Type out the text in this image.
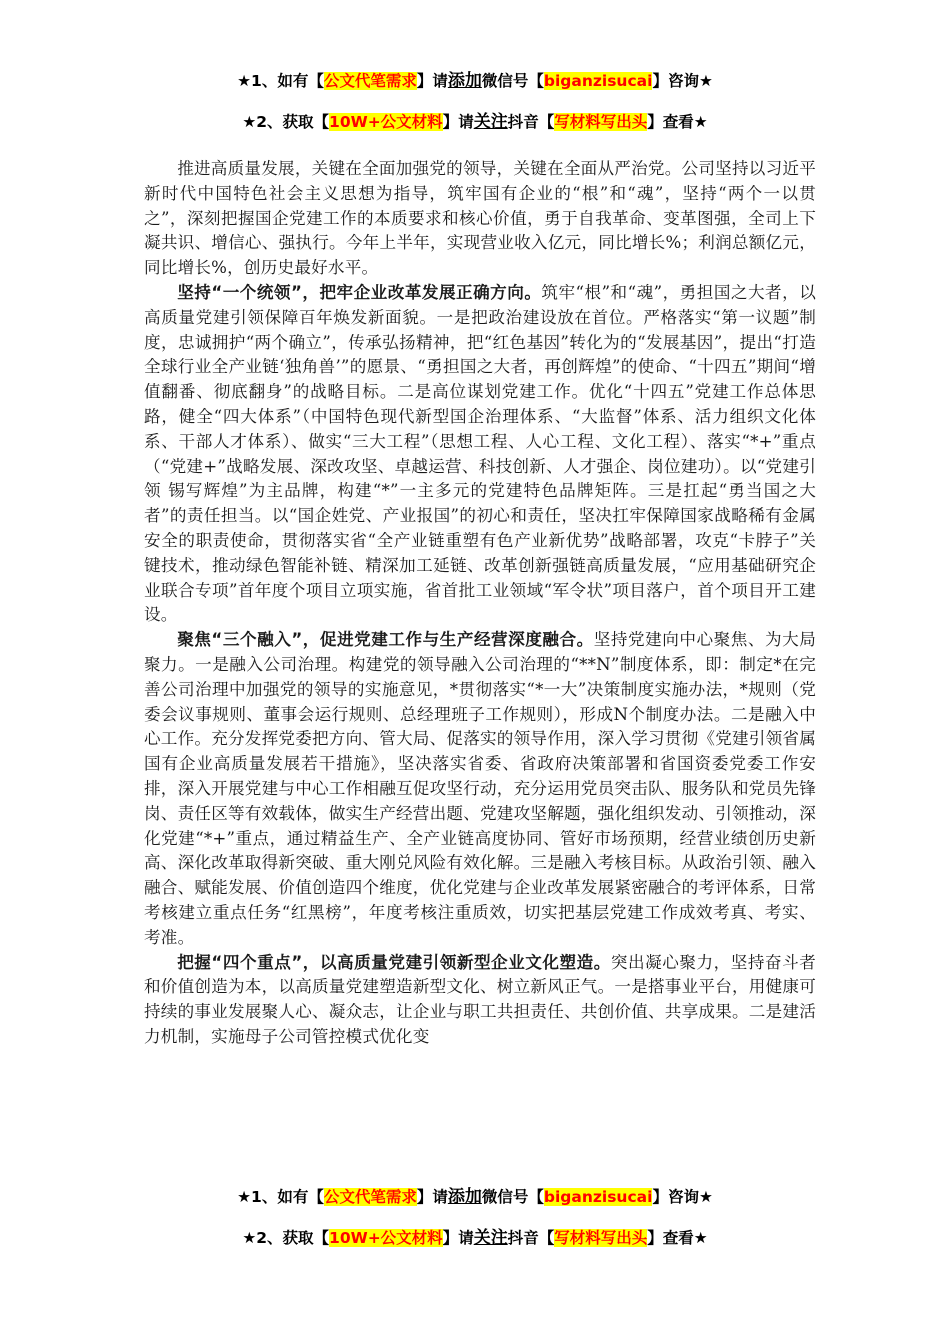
★1、如有【公文代笔需求】请添加微信号【biganzisucai】咨询★
★2、获取【10W+公文材料】请关注抖音【写材料写出头】查看★

推进高质量发展，关键在全面加强党的领导，关键在全面从严治党。公司坚持以习近平新时代中国特色社会主义思想为指导，筑牢国有企业的“根”和“魂”，坚持“两个一以贯之”，深刻把握国企党建工作的本质要求和核心价值，勇于自我革命、变革图强，全司上下凝共识、增信心、强执行。今年上半年，实现营业收入亿元，同比增长%；利润总额亿元，同比增长%，创历史最好水平。

坚持“一个统领”，把牢企业改革发展正确方向。筑牢“根”和“魂”，勇担国之大者，以高质量党建引领保障百年焕发新面貌。一是把政治建设放在首位。严格落实“第一议题”制度，忠诚拥护“两个确立”，传承弘扬精神，把“红色基因”转化为的“发展基因”，提出“打造全球行业全产业链‘独角兽’”的愿景、“勇担国之大者，再创辉煌”的使命、“十四五”期间“增值翻番、彻底翻身”的战略目标。二是高位谋划党建工作。优化“十四五”党建工作总体思路，健全“四大体系”（中国特色现代新型国企治理体系、“大监督”体系、活力组织文化体系、干部人才体系）、做实“三大工程”（思想工程、人心工程、文化工程）、落实“*+”重点（“党建+”战略发展、深改攻坚、卓越运营、科技创新、人才强企、岗位建功）。以“党建引领 锡写辉煌”为主品牌，构建“*”一主多元的党建特色品牌矩阵。三是扛起“勇当国之大者”的责任担当。以“国企姓党、产业报国”的初心和责任，坚决扛牢保障国家战略稀有金属安全的职责使命，贯彻落实省“全产业链重塑有色产业新优势”战略部署，攻克“卡脖子”关键技术，推动绿色智能补链、精深加工延链、改革创新强链高质量发展，“应用基础研究企业联合专项”首年度个项目立项实施，省首批工业领域“军令状”项目落户，首个项目开工建设。

聚焦“三个融入”，促进党建工作与生产经营深度融合。坚持党建向中心聚焦、为大局聚力。一是融入公司治理。构建党的领导融入公司治理的“**N”制度体系，即：制定*在完善公司治理中加强党的领导的实施意见，*贯彻落实“*一大”决策制度实施办法，*规则（党委会议事规则、董事会运行规则、总经理班子工作规则），形成N个制度办法。二是融入中心工作。充分发挥党委把方向、管大局、促落实的领导作用，深入学习贯彻《党建引领省属国有企业高质量发展若干措施》，坚决落实省委、省政府决策部署和省国资委党委工作安排，深入开展党建与中心工作相融互促攻坚行动，充分运用党员突击队、服务队和党员先锋岗、责任区等有效载体，做实生产经营出题、党建攻坚解题，强化组织发动、引领推动，深化党建“*+”重点，通过精益生产、全产业链高度协同、管好市场预期，经营业绩创历史新高、深化改革取得新突破、重大刚兑风险有效化解。三是融入考核目标。从政治引领、融入融合、赋能发展、价值创造四个维度，优化党建与企业改革发展紧密融合的考评体系，日常考核建立重点任务“红黑榜”，年度考核注重质效，切实把基层党建工作成效考真、考实、考准。

把握“四个重点”，以高质量党建引领新型企业文化塑造。突出凝心聚力，坚持奋斗者和价值创造为本，以高质量党建塑造新型文化、树立新风正气。一是搭事业平台，用健康可持续的事业发展聚人心、凝众志，让企业与职工共担责任、共创价值、共享成果。二是建活力机制，实施母子公司管控模式优化变

★1、如有【公文代笔需求】请添加微信号【biganzisucai】咨询★
★2、获取【10W+公文材料】请关注抖音【写材料写出头】查看★
